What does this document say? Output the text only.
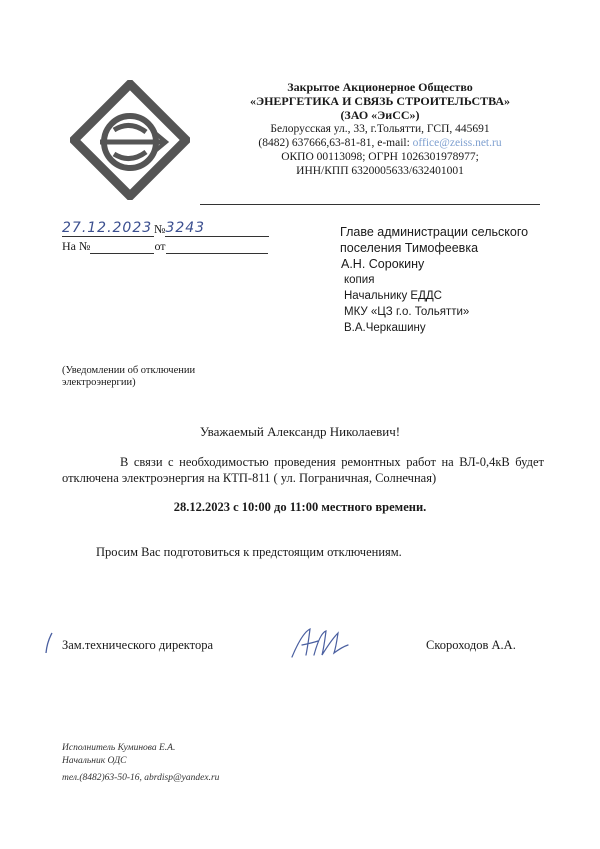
Закрытое Акционерное Общество
«ЭНЕРГЕТИКА И СВЯЗЬ СТРОИТЕЛЬСТВА»
(ЗАО «ЭиСС»)
Белорусская ул., 33, г.Тольятти, ГСП, 445691
(8482) 637666,63-81-81, e-mail: office@zeiss.net.ru
ОКПО 00113098; ОГРН 1026301978977;
ИНН/КПП 6320005633/632401001
27.12.2023 №3243
На №	от
Главе администрации сельского
поселения Тимофеевка
А.Н. Сорокину
копия
Начальнику ЕДДС
МКУ «ЦЗ г.о. Тольятти»
В.А.Черкашину
(Уведомлении об отключении электроэнергии)
Уважаемый Александр Николаевич!
В связи с необходимостью проведения ремонтных работ на ВЛ-0,4кВ будет отключена электроэнергия на КТП-811 ( ул. Пограничная, Солнечная)
28.12.2023 с 10:00 до 11:00 местного времени.
Просим Вас подготовиться к предстоящим отключениям.
Зам.технического директора	Скороходов А.А.
Исполнитель Куминова Е.А.
Начальник ОДС
тел.(8482)63-50-16, abrdisp@yandex.ru
